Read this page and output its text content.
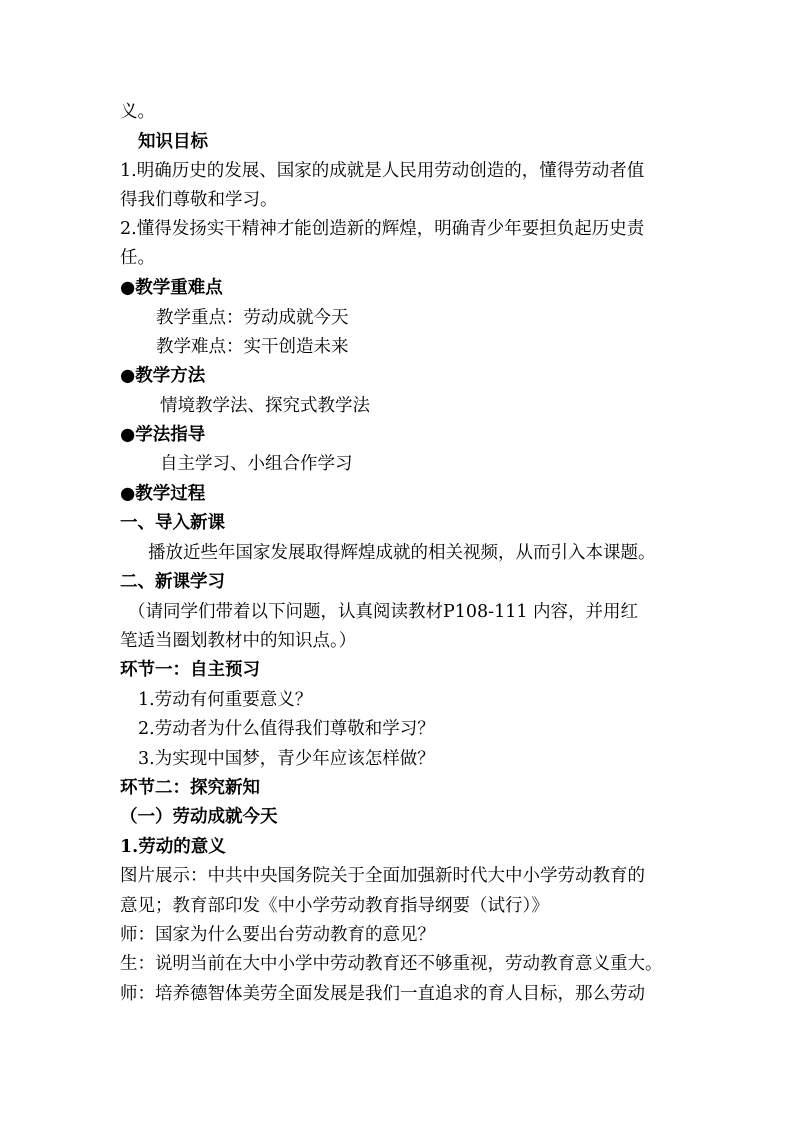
义。
知识目标
1.明确历史的发展、国家的成就是人民用劳动创造的，懂得劳动者值
得我们尊敬和学习。
2.懂得发扬实干精神才能创造新的辉煌，明确青少年要担负起历史责
任。
●教学重难点
教学重点：劳动成就今天
教学难点：实干创造未来
●教学方法
情境教学法、探究式教学法
●学法指导
自主学习、小组合作学习
●教学过程
一、导入新课
播放近些年国家发展取得辉煌成就的相关视频，从而引入本课题。
二、新课学习
（请同学们带着以下问题，认真阅读教材P108-111 内容，并用红
笔适当圈划教材中的知识点。）
环节一：自主预习
1.劳动有何重要意义？
2.劳动者为什么值得我们尊敬和学习？
3.为实现中国梦，青少年应该怎样做？
环节二：探究新知
（一）劳动成就今天
1.劳动的意义
图片展示：中共中央国务院关于全面加强新时代大中小学劳动教育的
意见；教育部印发《中小学劳动教育指导纲要（试行）》
师：国家为什么要出台劳动教育的意见？
生：说明当前在大中小学中劳动教育还不够重视，劳动教育意义重大。
师：培养德智体美劳全面发展是我们一直追求的育人目标，那么劳动
